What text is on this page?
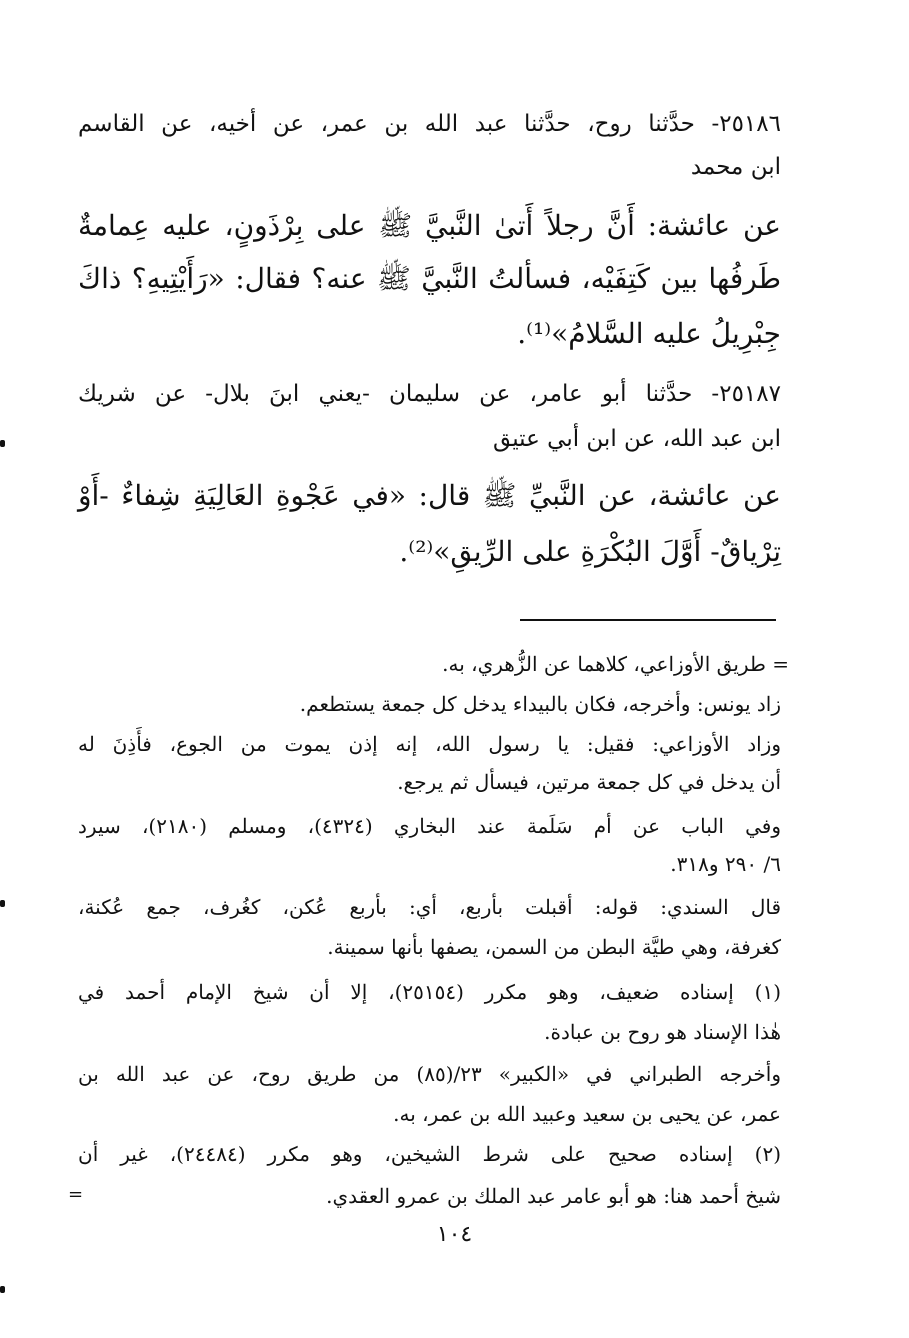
٢٥١٨٦- حدَّثنا روح، حدَّثنا عبد الله بن عمر، عن أخيه، عن القاسم
ابن محمد
عن عائشة: أَنَّ رجلاً أَتىٰ النَّبيَّ ﷺ على بِرْذَونٍ، عليه عِمامةٌ
طَرفُها بين كَتِفَيْه، فسألتُ النَّبيَّ ﷺ عنه؟ فقال: «رَأَيْتِيهِ؟ ذاكَ
جِبْرِيلُ عليه السَّلامُ»⁽¹⁾.
٢٥١٨٧- حدَّثنا أبو عامر، عن سليمان -يعني ابنَ بلال- عن شريك
ابن عبد الله، عن ابن أبي عتيق
عن عائشة، عن النَّبيِّ ﷺ قال: «في عَجْوةِ العَالِيَةِ شِفاءٌ -أَوْ
تِرْياقٌ- أَوَّلَ البُكْرَةِ على الرِّيقِ»⁽²⁾.
= طريق الأوزاعي، كلاهما عن الزُّهري، به.
زاد يونس: وأخرجه، فكان بالبيداء يدخل كل جمعة يستطعم.
وزاد الأوزاعي: فقيل: يا رسول الله، إنه إذن يموت من الجوع، فأَذِنَ له
أن يدخل في كل جمعة مرتين، فيسأل ثم يرجع.
وفي الباب عن أم سَلَمة عند البخاري (٤٣٢٤)، ومسلم (٢١٨٠)، سيرد
٦/ ٢٩٠ و٣١٨.
قال السندي: قوله: أقبلت بأربع، أي: بأربع عُكن، كغُرف، جمع عُكنة،
كغرفة، وهي طيَّة البطن من السمن، يصفها بأنها سمينة.
(١) إسناده ضعيف، وهو مكرر (٢٥١٥٤)، إلا أن شيخ الإمام أحمد في
هٰذا الإسناد هو روح بن عبادة.
وأخرجه الطبراني في «الكبير» ٢٣/(٨٥) من طريق روح، عن عبد الله بن
عمر، عن يحيى بن سعيد وعبيد الله بن عمر، به.
(٢) إسناده صحيح على شرط الشيخين، وهو مكرر (٢٤٤٨٤)، غير أن
شيخ أحمد هنا: هو أبو عامر عبد الملك بن عمرو العقدي.
=
١٠٤
